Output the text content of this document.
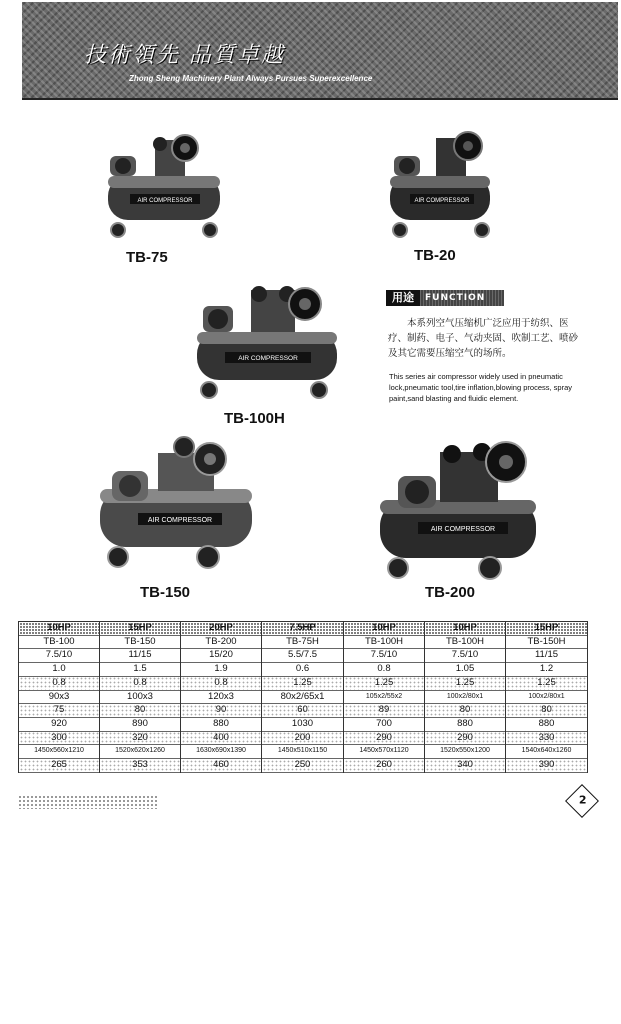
技術領先 品質卓越
Zhong Sheng Machinery Plant Always Pursues Superexcellence
AIR COMPRESSOR
TB-75
AIR COMPRESSOR
TB-20
AIR COMPRESSOR
TB-100H
AIR COMPRESSOR
TB-150
AIR COMPRESSOR
TB-200
用途	FUNCTION
本系列空气压缩机广泛应用于纺织、医疗、制药、电子、气动夹固、吹制工艺、喷砂及其它需要压缩空气的场所。
This series air compressor widely used in pneumatic lock,pneumatic tool,tire inflation,blowing process, spray paint,sand blasting and fluidic element.
10HP	15HP	20HP	7.5HP	10HP	10HP	15HP
TB-100	TB-150	TB-200	TB-75H	TB-100H	TB-100H	TB-150H
7.5/10	11/15	15/20	5.5/7.5	7.5/10	7.5/10	11/15
1.0	1.5	1.9	0.6	0.8	1.05	1.2
0.8	0.8	0.8	1.25	1.25	1.25	1.25
90x3	100x3	120x3	80x2/65x1	105x2/55x2	100x2/80x1	100x2/80x1
75	80	90	60	89	80	80
920	890	880	1030	700	880	880
300	320	400	200	290	290	330
1450x560x1210	1520x620x1260	1630x690x1390	1450x510x1150	1450x570x1120	1520x550x1200	1540x640x1260
265	353	460	250	260	340	390
2
